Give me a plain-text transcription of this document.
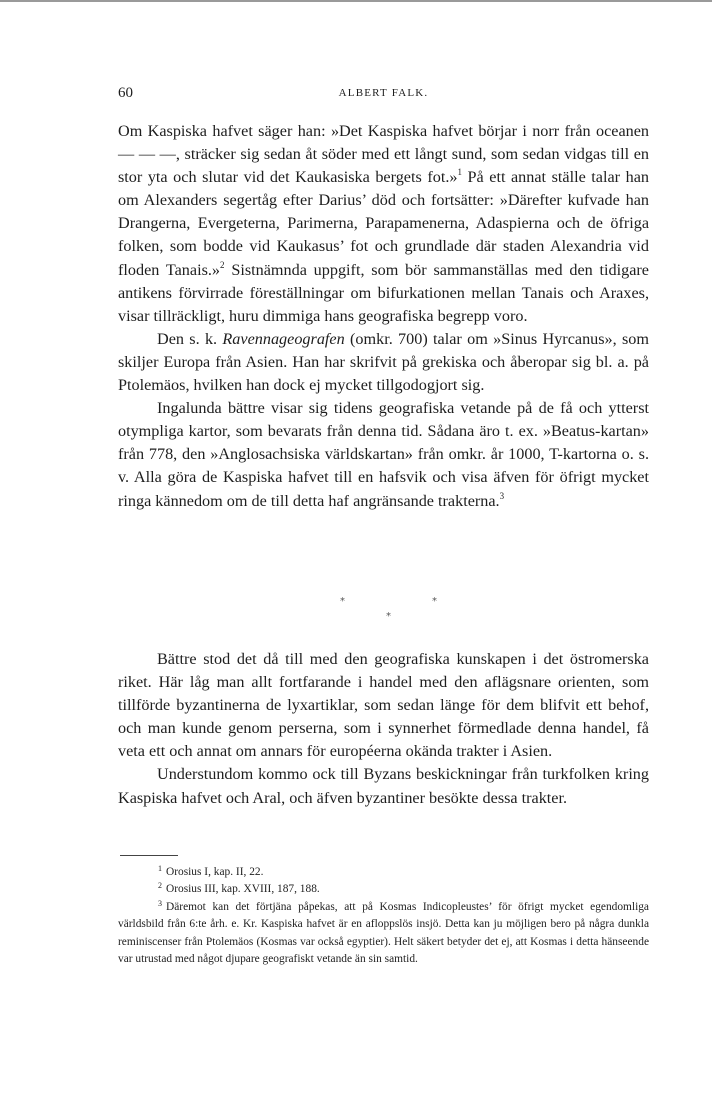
60	ALBERT FALK.

Om Kaspiska hafvet säger han: »Det Kaspiska hafvet börjar i norr från oceanen — — —, sträcker sig sedan åt söder med ett långt sund, som sedan vidgas till en stor yta och slutar vid det Kaukasiska bergets fot.»$^1$ På ett annat ställe talar han om Alexanders segertåg efter Darius’ död och fortsätter: »Därefter kufvade han Drangerna, Evergeterna, Parimerna, Parapamenerna, Adaspierna och de öfriga folken, som bodde vid Kaukasus’ fot och grundlade där staden Alexandria vid floden Tanais.»$^2$ Sistnämnda uppgift, som bör sammanställas med den tidigare antikens förvirrade föreställningar om bifurkationen mellan Tanais och Araxes, visar tillräckligt, huru dimmiga hans geografiska begrepp voro.

Den s. k. Ravennageografen (omkr. 700) talar om »Sinus Hyrcanus», som skiljer Europa från Asien. Han har skrifvit på grekiska och åberopar sig bl. a. på Ptolemäos, hvilken han dock ej mycket tillgodogjort sig.

Ingalunda bättre visar sig tidens geografiska vetande på de få och ytterst otympliga kartor, som bevarats från denna tid. Sådana äro t. ex. »Beatus-kartan» från 778, den »Anglosachsiska världskartan» från omkr. år 1000, T-kartorna o. s. v. Alla göra de Kaspiska hafvet till en hafsvik och visa äfven för öfrigt mycket ringa kännedom om de till detta haf angränsande trakterna.$^3$

*	*
*

Bättre stod det då till med den geografiska kunskapen i det östromerska riket. Här låg man allt fortfarande i handel med den aflägsnare orienten, som tillförde byzantinerna de lyxartiklar, som sedan länge för dem blifvit ett behof, och man kunde genom perserna, som i synnerhet förmedlade denna handel, få veta ett och annat om annars för européerna okända trakter i Asien.

Understundom kommo ock till Byzans beskickningar från turkfolken kring Kaspiska hafvet och Aral, och äfven byzantiner besökte dessa trakter.

$^1$ Orosius I, kap. II, 22.

$^2$ Orosius III, kap. XVIII, 187, 188.

$^3$ Däremot kan det förtjäna påpekas, att på Kosmas Indicopleustes’ för öfrigt mycket egendomliga världsbild från 6:te årh. e. Kr. Kaspiska hafvet är en afloppslös insjö. Detta kan ju möjligen bero på några dunkla reminiscenser från Ptolemäos (Kosmas var också egyptier). Helt säkert betyder det ej, att Kosmas i detta hänseende var utrustad med något djupare geografiskt vetande än sin samtid.
